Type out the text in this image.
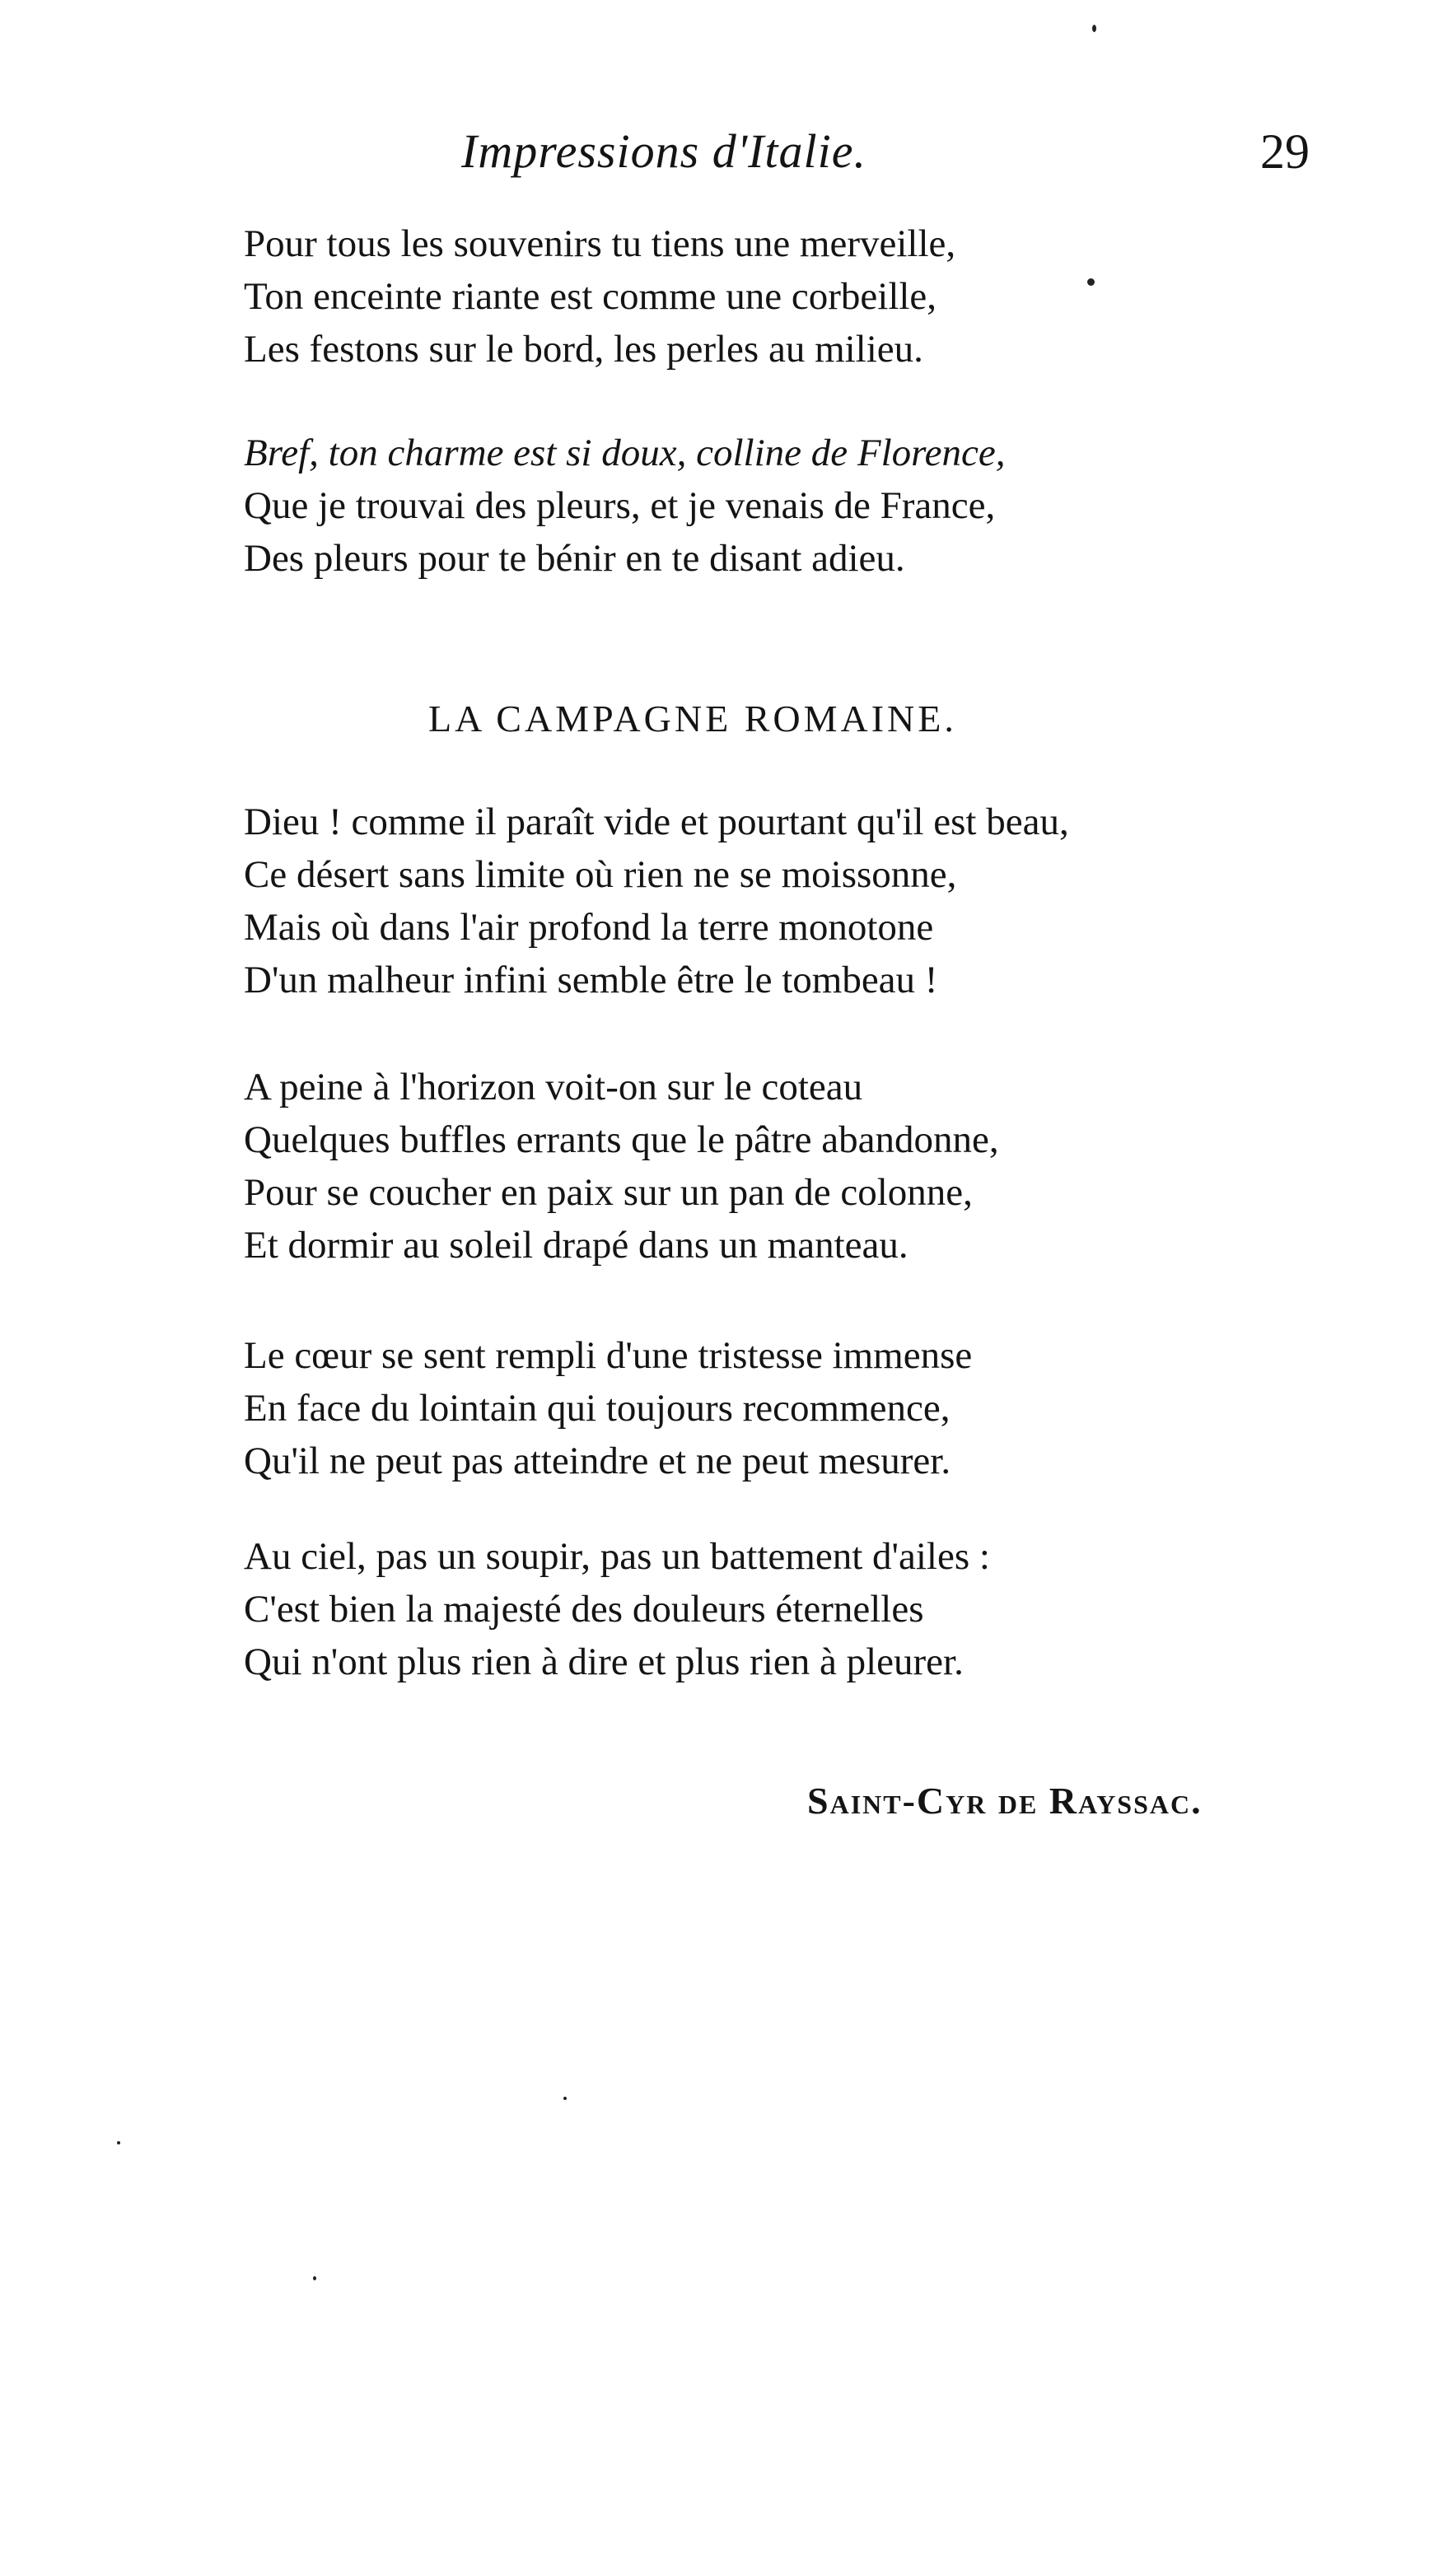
Impressions d'Italie.	29
Pour tous les souvenirs tu tiens une merveille,
Ton enceinte riante est comme une corbeille,
Les festons sur le bord, les perles au milieu.
Bref, ton charme est si doux, colline de Florence,
Que je trouvai des pleurs, et je venais de France,
Des pleurs pour te bénir en te disant adieu.
LA CAMPAGNE ROMAINE.
Dieu ! comme il paraît vide et pourtant qu'il est beau,
Ce désert sans limite où rien ne se moissonne,
Mais où dans l'air profond la terre monotone
D'un malheur infini semble être le tombeau !
A peine à l'horizon voit-on sur le coteau
Quelques buffles errants que le pâtre abandonne,
Pour se coucher en paix sur un pan de colonne,
Et dormir au soleil drapé dans un manteau.
Le cœur se sent rempli d'une tristesse immense
En face du lointain qui toujours recommence,
Qu'il ne peut pas atteindre et ne peut mesurer.
Au ciel, pas un soupir, pas un battement d'ailes :
C'est bien la majesté des douleurs éternelles
Qui n'ont plus rien à dire et plus rien à pleurer.
Saint-Cyr de Rayssac.
